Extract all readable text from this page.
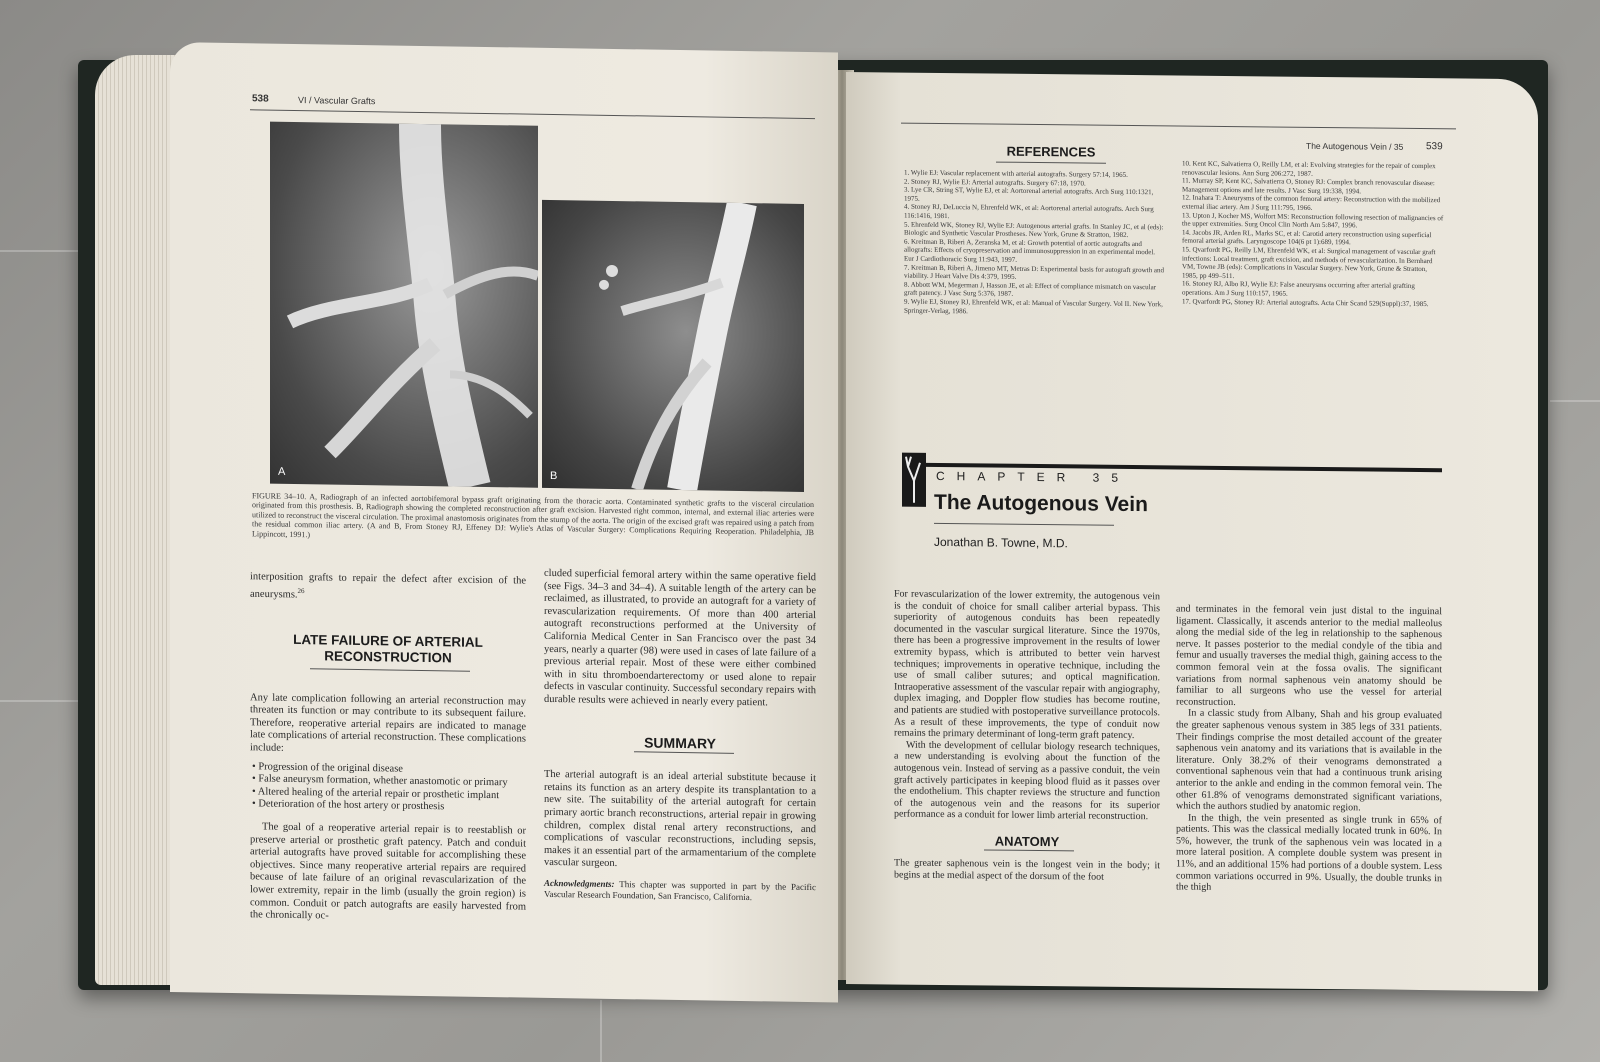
538	VI / Vascular Grafts
A	B
FIGURE 34–10. A, Radiograph of an infected aortobifemoral bypass graft originating from the thoracic aorta. Contaminated synthetic grafts to the visceral circulation originated from this prosthesis. B, Radiograph showing the completed reconstruction after graft excision. Harvested right common, internal, and external iliac arteries were utilized to reconstruct the visceral circulation. The proximal anastomosis originates from the stump of the aorta. The origin of the excised graft was repaired using a patch from the residual common iliac artery. (A and B, From Stoney RJ, Effeney DJ: Wylie's Atlas of Vascular Surgery: Complications Requiring Reoperation. Philadelphia, JB Lippincott, 1991.)
interposition grafts to repair the defect after excision of the aneurysms.$^{26}$
LATE FAILURE OF ARTERIAL
RECONSTRUCTION

Any late complication following an arterial reconstruction may threaten its function or may contribute to its subsequent failure. Therefore, reoperative arterial repairs are indicated to manage late complications of arterial reconstruction. These complications include:

• Progression of the original disease
• False aneurysm formation, whether anastomotic or primary
• Altered healing of the arterial repair or prosthetic implant
• Deterioration of the host artery or prosthesis

The goal of a reoperative arterial repair is to reestablish or preserve arterial or prosthetic graft patency. Patch and conduit arterial autografts have proved suitable for accomplishing these objectives. Since many reoperative arterial repairs are required because of late failure of an original revascularization of the lower extremity, repair in the limb (usually the groin region) is common. Conduit or patch autografts are easily harvested from the chronically oc-

cluded superficial femoral artery within the same operative field (see Figs. 34–3 and 34–4). A suitable length of the artery can be reclaimed, as illustrated, to provide an autograft for a variety of revascularization requirements. Of more than 400 arterial autograft reconstructions performed at the University of California Medical Center in San Francisco over the past 34 years, nearly a quarter (98) were used in cases of late failure of a previous arterial repair. Most of these were either combined with in situ thromboendarterectomy or used alone to repair defects in vascular continuity. Successful secondary repairs with durable results were achieved in nearly every patient.

SUMMARY

The arterial autograft is an ideal arterial substitute because it retains its function as an artery despite its transplantation to a new site. The suitability of the arterial autograft for certain primary aortic branch reconstructions, arterial repair in growing children, complex distal renal artery reconstructions, and complications of vascular reconstructions, including sepsis, makes it an essential part of the armamentarium of the complete vascular surgeon.

Acknowledgments: This chapter was supported in part by the Pacific Vascular Research Foundation, San Francisco, California.

The Autogenous Vein / 35 539
REFERENCES
1. Wylie EJ: Vascular replacement with arterial autografts. Surgery 57:14, 1965.
2. Stoney RJ, Wylie EJ: Arterial autografts. Surgery 67:18, 1970.
3. Lye CR, String ST, Wylie EJ, et al: Aortorenal arterial autografts. Arch Surg 110:1321, 1975.
4. Stoney RJ, DeLuccia N, Ehrenfeld WK, et al: Aortorenal arterial autografts. Arch Surg 116:1416, 1981.
5. Ehrenfeld WK, Stoney RJ, Wylie EJ: Autogenous arterial grafts. In Stanley JC, et al (eds): Biologic and Synthetic Vascular Prostheses. New York, Grune & Stratton, 1982.
6. Kreitman B, Riberi A, Zeranska M, et al: Growth potential of aortic autografts and allografts: Effects of cryopreservation and immunosuppression in an experimental model. Eur J Cardiothoracic Surg 11:943, 1997.
7. Kreitman B, Riberi A, Jimeno MT, Metras D: Experimental basis for autograft growth and viability. J Heart Valve Dis 4:379, 1995.
8. Abbott WM, Megerman J, Hasson JE, et al: Effect of compliance mismatch on vascular graft patency. J Vasc Surg 5:376, 1987.
9. Wylie EJ, Stoney RJ, Ehrenfeld WK, et al: Manual of Vascular Surgery. Vol II. New York, Springer-Verlag, 1986.
10. Kent KC, Salvatierra O, Reilly LM, et al: Evolving strategies for the repair of complex renovascular lesions. Ann Surg 206:272, 1987.
11. Murray SP, Kent KC, Salvatierra O, Stoney RJ: Complex branch renovascular disease: Management options and late results. J Vasc Surg 19:338, 1994.
12. Inahara T: Aneurysms of the common femoral artery: Reconstruction with the mobilized external iliac artery. Am J Surg 111:795, 1966.
13. Upton J, Kocher MS, Wolfort MS: Reconstruction following resection of malignancies of the upper extremities. Surg Oncol Clin North Am 5:847, 1996.
14. Jacobs JR, Arden RL, Marks SC, et al: Carotid artery reconstruction using superficial femoral arterial grafts. Laryngoscope 104(6 pt 1):689, 1994.
15. Qvarfordt PG, Reilly LM, Ehrenfeld WK, et al: Surgical management of vascular graft infections: Local treatment, graft excision, and methods of revascularization. In Bernhard VM, Towne JB (eds): Complications in Vascular Surgery. New York, Grune & Stratton, 1985, pp 499–511.
16. Stoney RJ, Albo RJ, Wylie EJ: False aneurysms occurring after arterial grafting operations. Am J Surg 110:157, 1965.
17. Qvarfordt PG, Stoney RJ: Arterial autografts. Acta Chir Scand 529(Suppl):37, 1985.
CHAPTER 35
The Autogenous Vein
Jonathan B. Towne, M.D.

For revascularization of the lower extremity, the autogenous vein is the conduit of choice for small caliber arterial bypass. This superiority of autogenous conduits has been repeatedly documented in the vascular surgical literature. Since the 1970s, there has been a progressive improvement in the results of lower extremity bypass, which is attributed to better vein harvest techniques; improvements in operative technique, including the use of small caliber sutures; and optical magnification. Intraoperative assessment of the vascular repair with angiography, duplex imaging, and Doppler flow studies has become routine, and patients are studied with postoperative surveillance protocols. As a result of these improvements, the type of conduit now remains the primary determinant of long-term graft patency.

With the development of cellular biology research techniques, a new understanding is evolving about the function of the autogenous vein. Instead of serving as a passive conduit, the vein graft actively participates in keeping blood fluid as it passes over the endothelium. This chapter reviews the structure and function of the autogenous vein and the reasons for its superior performance as a conduit for lower limb arterial reconstruction.

ANATOMY

The greater saphenous vein is the longest vein in the body; it begins at the medial aspect of the dorsum of the foot

and terminates in the femoral vein just distal to the inguinal ligament. Classically, it ascends anterior to the medial malleolus along the medial side of the leg in relationship to the saphenous nerve. It passes posterior to the medial condyle of the tibia and femur and usually traverses the medial thigh, gaining access to the common femoral vein at the fossa ovalis. The significant variations from normal saphenous vein anatomy should be familiar to all surgeons who use the vessel for arterial reconstruction.

In a classic study from Albany, Shah and his group evaluated the greater saphenous venous system in 385 legs of 331 patients. Their findings comprise the most detailed account of the greater saphenous vein anatomy and its variations that is available in the literature. Only 38.2% of their venograms demonstrated a conventional saphenous vein that had a continuous trunk arising anterior to the ankle and ending in the common femoral vein. The other 61.8% of venograms demonstrated significant variations, which the authors studied by anatomic region.

In the thigh, the vein presented as single trunk in 65% of patients. This was the classical medially located trunk in 60%. In 5%, however, the trunk of the saphenous vein was located in a more lateral position. A complete double system was present in 11%, and an additional 15% had portions of a double system. Less common variations occurred in 9%. Usually, the double trunks in the thigh
